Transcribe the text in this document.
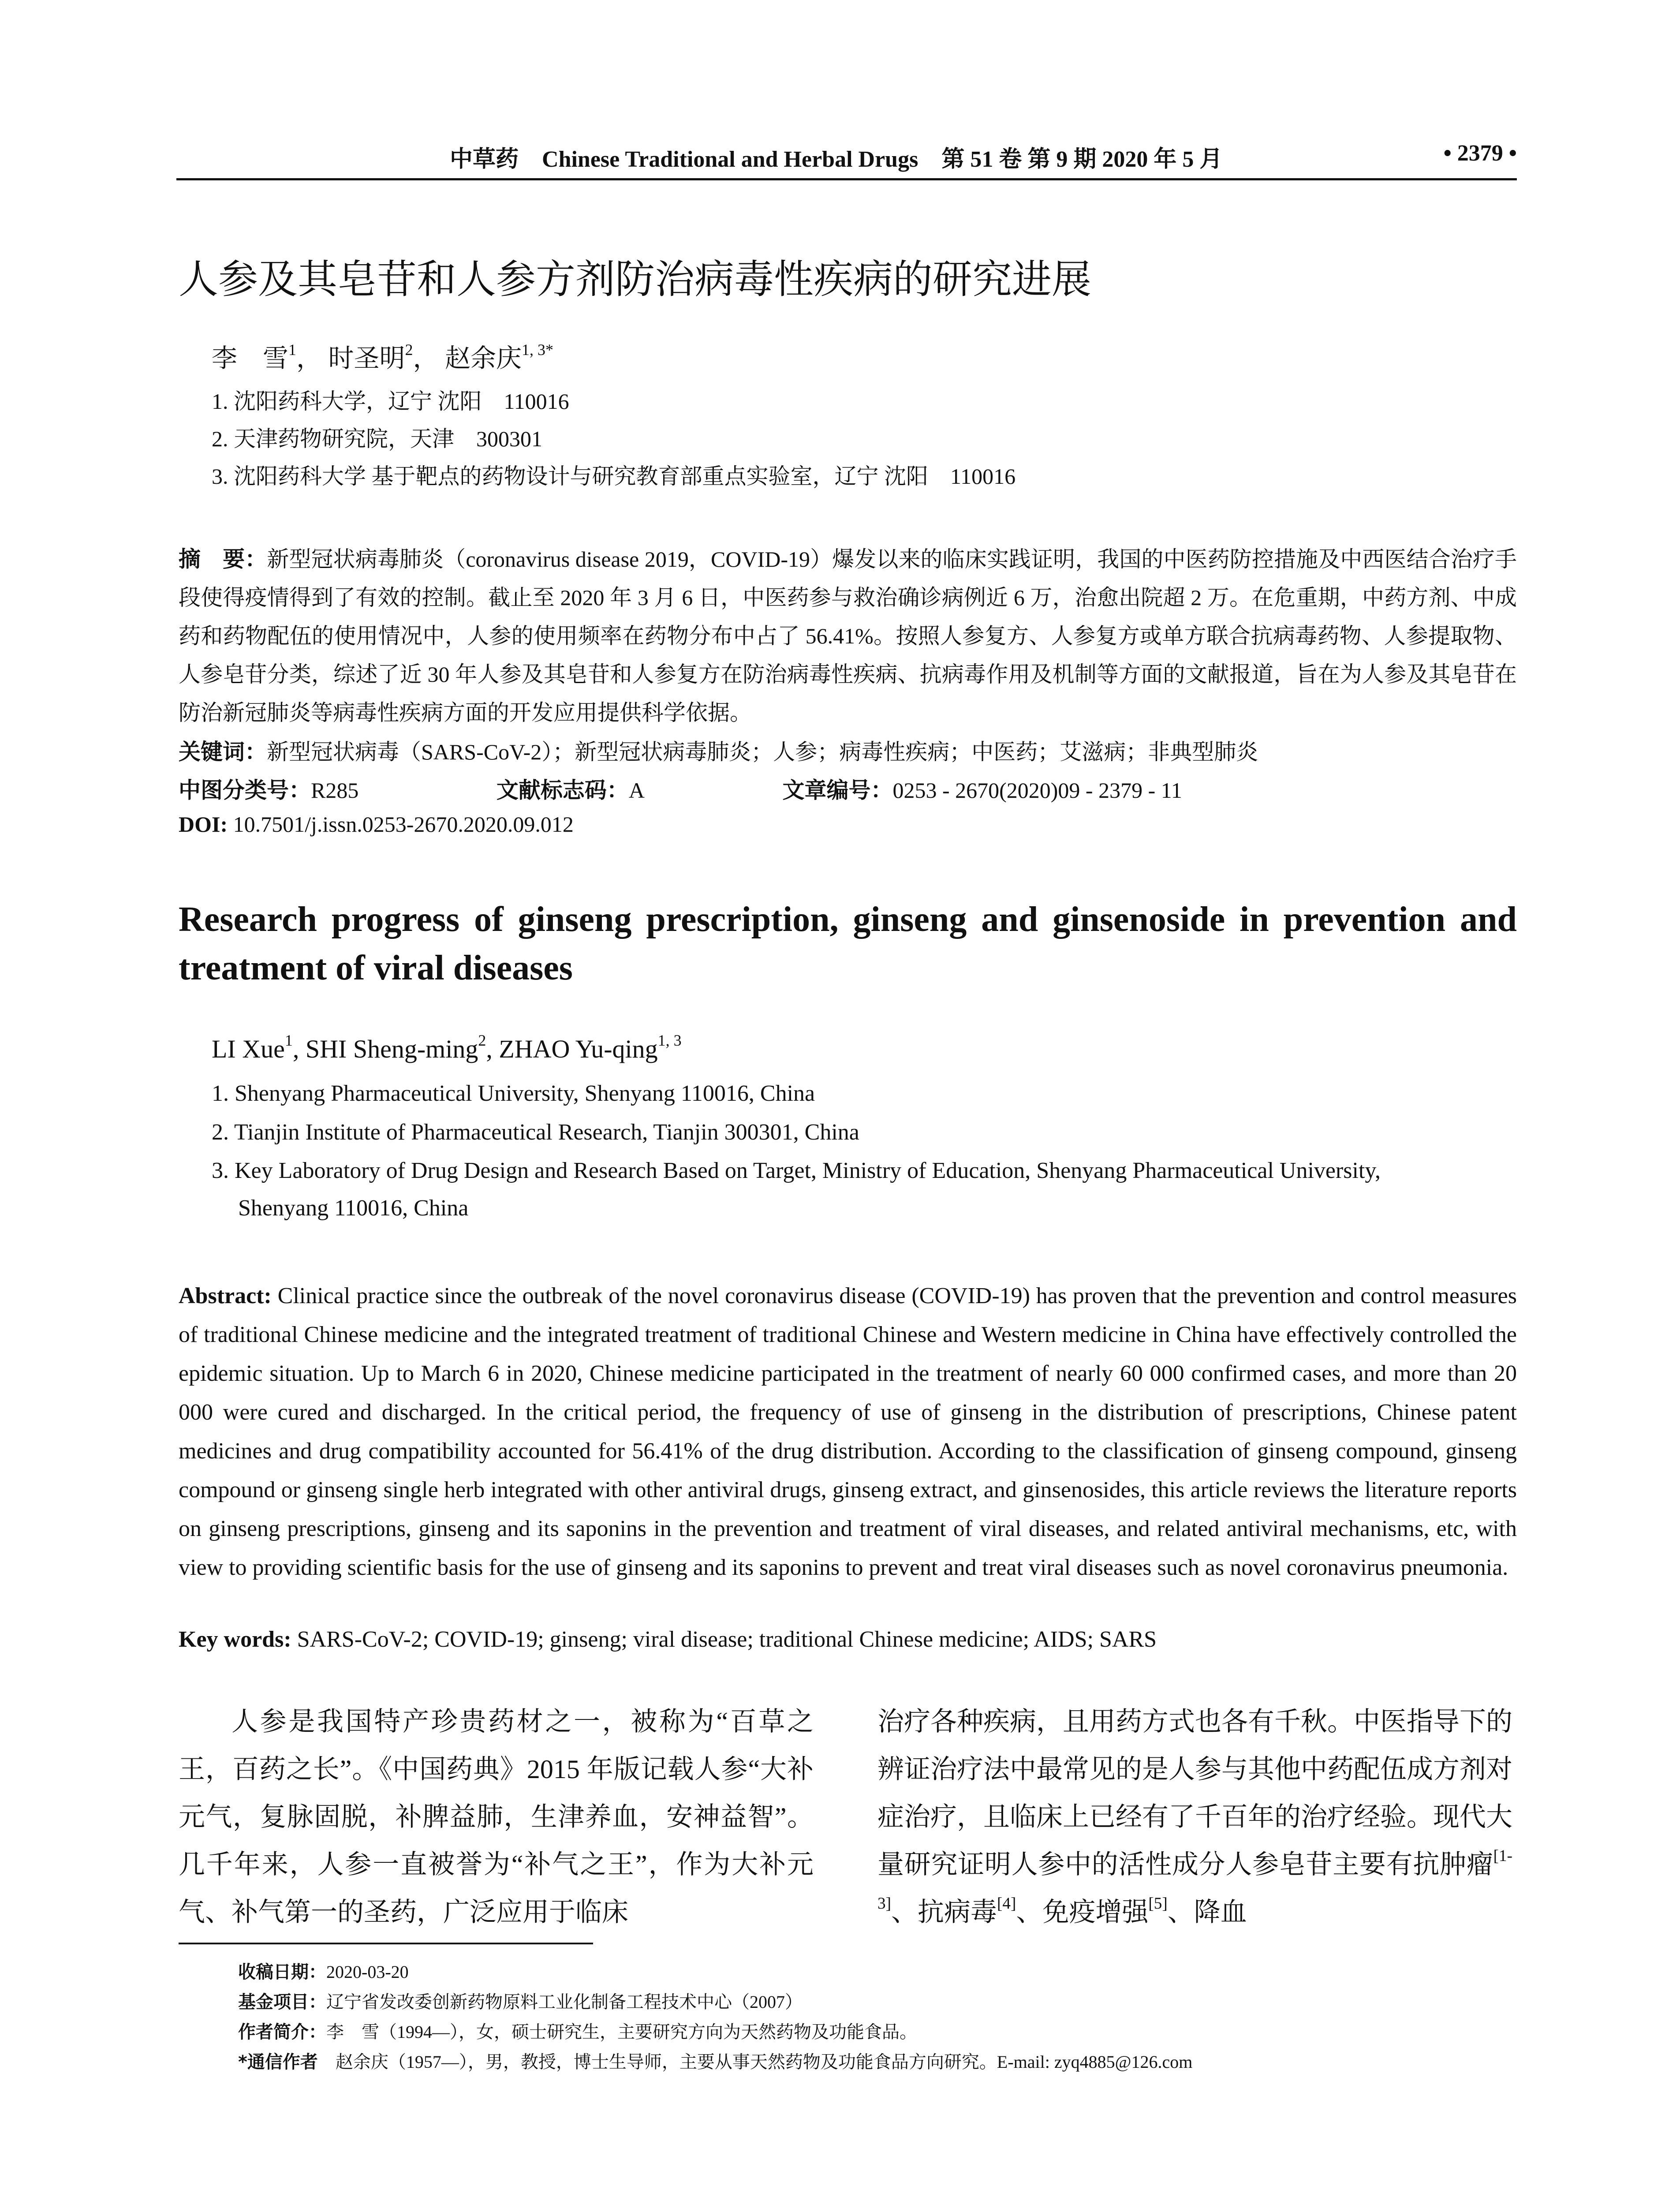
中草药 Chinese Traditional and Herbal Drugs 第 51 卷 第 9 期 2020 年 5 月	• 2379 •
人参及其皂苷和人参方剂防治病毒性疾病的研究进展
李　雪$^1$， 时圣明$^2$， 赵余庆$^{1, 3*}$
1. 沈阳药科大学，辽宁 沈阳　110016
2. 天津药物研究院，天津　300301
3. 沈阳药科大学 基于靶点的药物设计与研究教育部重点实验室，辽宁 沈阳　110016
摘　要：新型冠状病毒肺炎（coronavirus disease 2019，COVID-19）爆发以来的临床实践证明，我国的中医药防控措施及中西医结合治疗手段使得疫情得到了有效的控制。截止至 2020 年 3 月 6 日，中医药参与救治确诊病例近 6 万，治愈出院超 2 万。在危重期，中药方剂、中成药和药物配伍的使用情况中，人参的使用频率在药物分布中占了 56.41%。按照人参复方、人参复方或单方联合抗病毒药物、人参提取物、人参皂苷分类，综述了近 30 年人参及其皂苷和人参复方在防治病毒性疾病、抗病毒作用及机制等方面的文献报道，旨在为人参及其皂苷在防治新冠肺炎等病毒性疾病方面的开发应用提供科学依据。
关键词：新型冠状病毒（SARS-CoV-2）；新型冠状病毒肺炎；人参；病毒性疾病；中医药；艾滋病；非典型肺炎
中图分类号：R285	文献标志码：A	文章编号：0253 - 2670(2020)09 - 2379 - 11
DOI: 10.7501/j.issn.0253-2670.2020.09.012
Research progress of ginseng prescription, ginseng and ginsenoside in prevention and treatment of viral diseases
LI Xue$^1$, SHI Sheng-ming$^2$, ZHAO Yu-qing$^{1, 3}$
1. Shenyang Pharmaceutical University, Shenyang 110016, China
2. Tianjin Institute of Pharmaceutical Research, Tianjin 300301, China
3. Key Laboratory of Drug Design and Research Based on Target, Ministry of Education, Shenyang Pharmaceutical University,
Shenyang 110016, China
Abstract: Clinical practice since the outbreak of the novel coronavirus disease (COVID-19) has proven that the prevention and control measures of traditional Chinese medicine and the integrated treatment of traditional Chinese and Western medicine in China have effectively controlled the epidemic situation. Up to March 6 in 2020, Chinese medicine participated in the treatment of nearly 60 000 confirmed cases, and more than 20 000 were cured and discharged. In the critical period, the frequency of use of ginseng in the distribution of prescriptions, Chinese patent medicines and drug compatibility accounted for 56.41% of the drug distribution. According to the classification of ginseng compound, ginseng compound or ginseng single herb integrated with other antiviral drugs, ginseng extract, and ginsenosides, this article reviews the literature reports on ginseng prescriptions, ginseng and its saponins in the prevention and treatment of viral diseases, and related antiviral mechanisms, etc, with view to providing scientific basis for the use of ginseng and its saponins to prevent and treat viral diseases such as novel coronavirus pneumonia.
Key words: SARS-CoV-2; COVID-19; ginseng; viral disease; traditional Chinese medicine; AIDS; SARS
人参是我国特产珍贵药材之一，被称为“百草之王，百药之长”。《中国药典》2015 年版记载人参“大补元气，复脉固脱，补脾益肺，生津养血，安神益智”。几千年来，人参一直被誉为“补气之王”，作为大补元气、补气第一的圣药，广泛应用于临床
治疗各种疾病，且用药方式也各有千秋。中医指导下的辨证治疗法中最常见的是人参与其他中药配伍成方剂对症治疗，且临床上已经有了千百年的治疗经验。现代大量研究证明人参中的活性成分人参皂苷主要有抗肿瘤[1-3]、抗病毒[4]、免疫增强[5]、降血
收稿日期：2020-03-20
基金项目：辽宁省发改委创新药物原料工业化制备工程技术中心（2007）
作者简介：李　雪（1994—），女，硕士研究生，主要研究方向为天然药物及功能食品。
*通信作者　 赵余庆（1957—），男，教授，博士生导师，主要从事天然药物及功能食品方向研究。E-mail: zyq4885@126.com
